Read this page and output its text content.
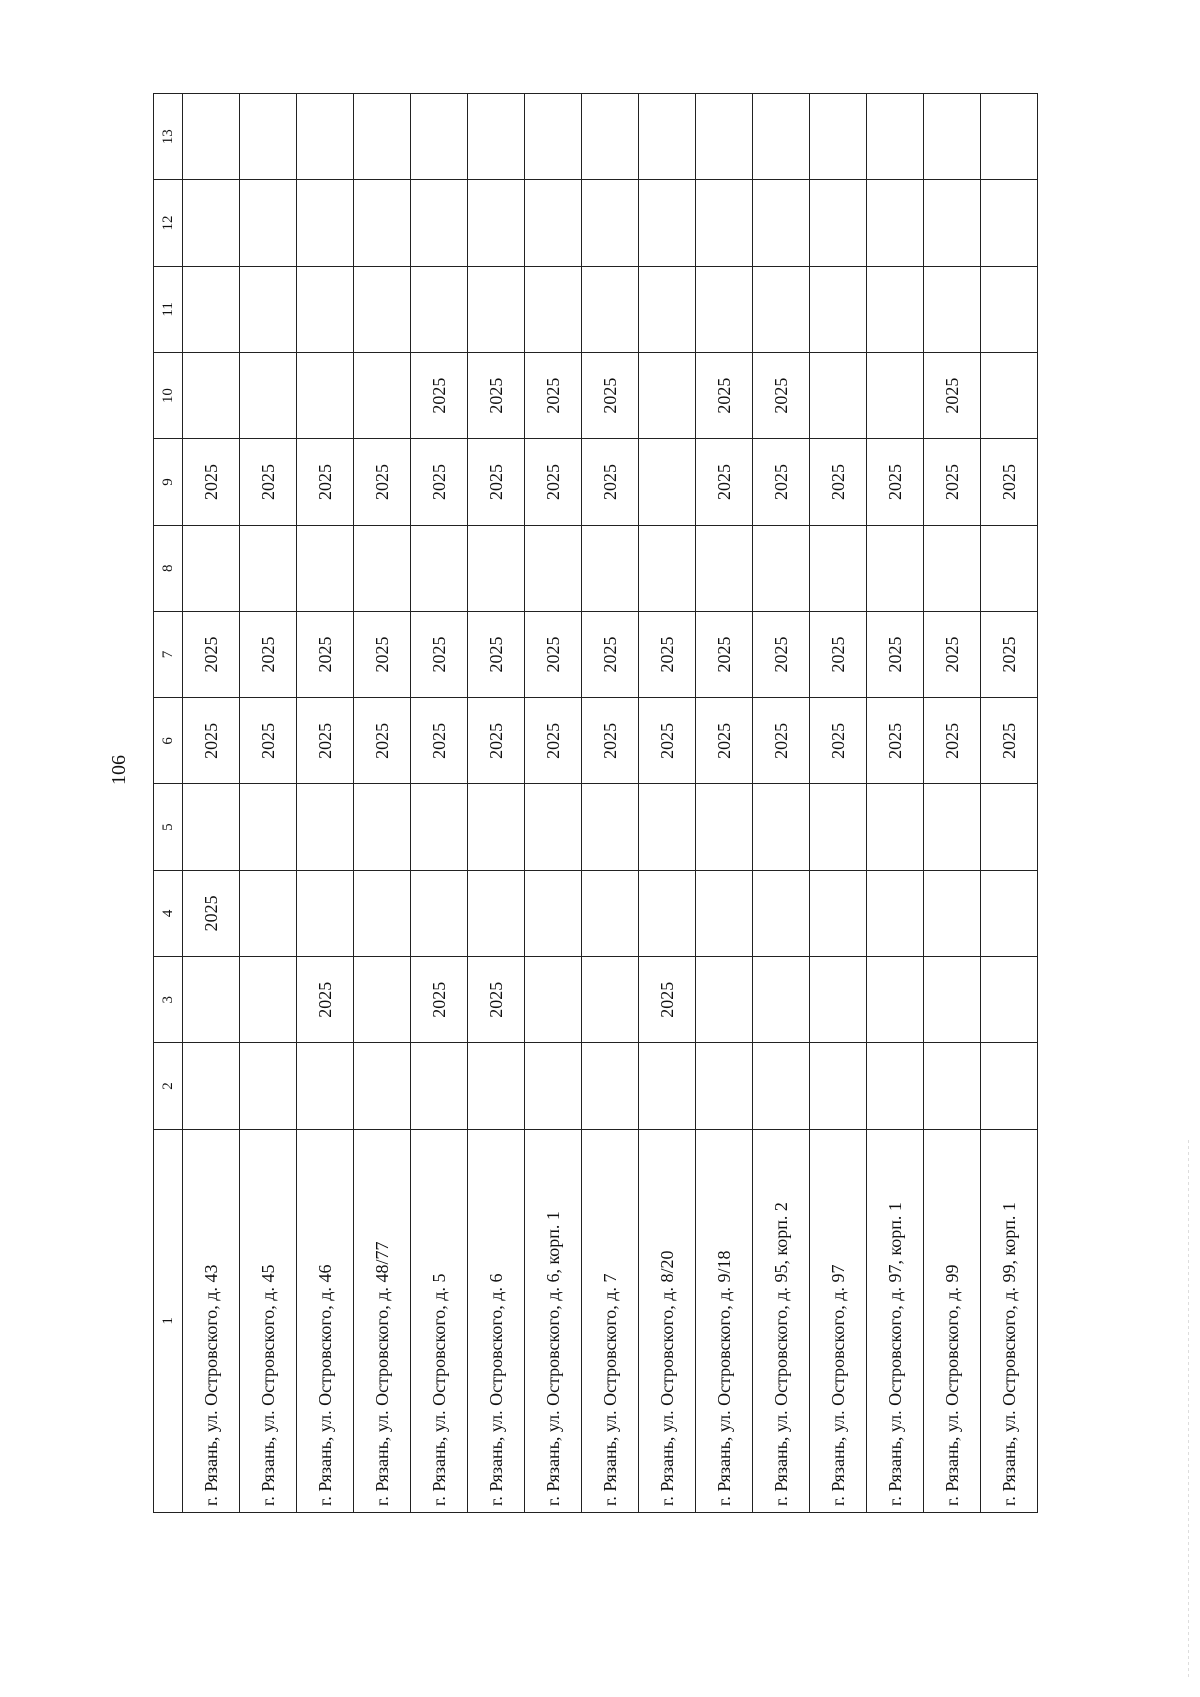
106
1	2	3	4	5	6	7	8	9	10	11	12	13
г. Рязань, ул. Островского, д. 43			2025		2025	2025		2025				
г. Рязань, ул. Островского, д. 45					2025	2025		2025				
г. Рязань, ул. Островского, д. 46		2025			2025	2025		2025				
г. Рязань, ул. Островского, д. 48/77					2025	2025		2025				
г. Рязань, ул. Островского, д. 5		2025			2025	2025		2025	2025			
г. Рязань, ул. Островского, д. 6		2025			2025	2025		2025	2025			
г. Рязань, ул. Островского, д. 6, корп. 1					2025	2025		2025	2025			
г. Рязань, ул. Островского, д. 7					2025	2025		2025	2025			
г. Рязань, ул. Островского, д. 8/20		2025			2025	2025						
г. Рязань, ул. Островского, д. 9/18					2025	2025		2025	2025			
г. Рязань, ул. Островского, д. 95, корп. 2					2025	2025		2025	2025			
г. Рязань, ул. Островского, д. 97					2025	2025		2025				
г. Рязань, ул. Островского, д. 97, корп. 1					2025	2025		2025				
г. Рязань, ул. Островского, д. 99					2025	2025		2025	2025			
г. Рязань, ул. Островского, д. 99, корп. 1					2025	2025		2025				
